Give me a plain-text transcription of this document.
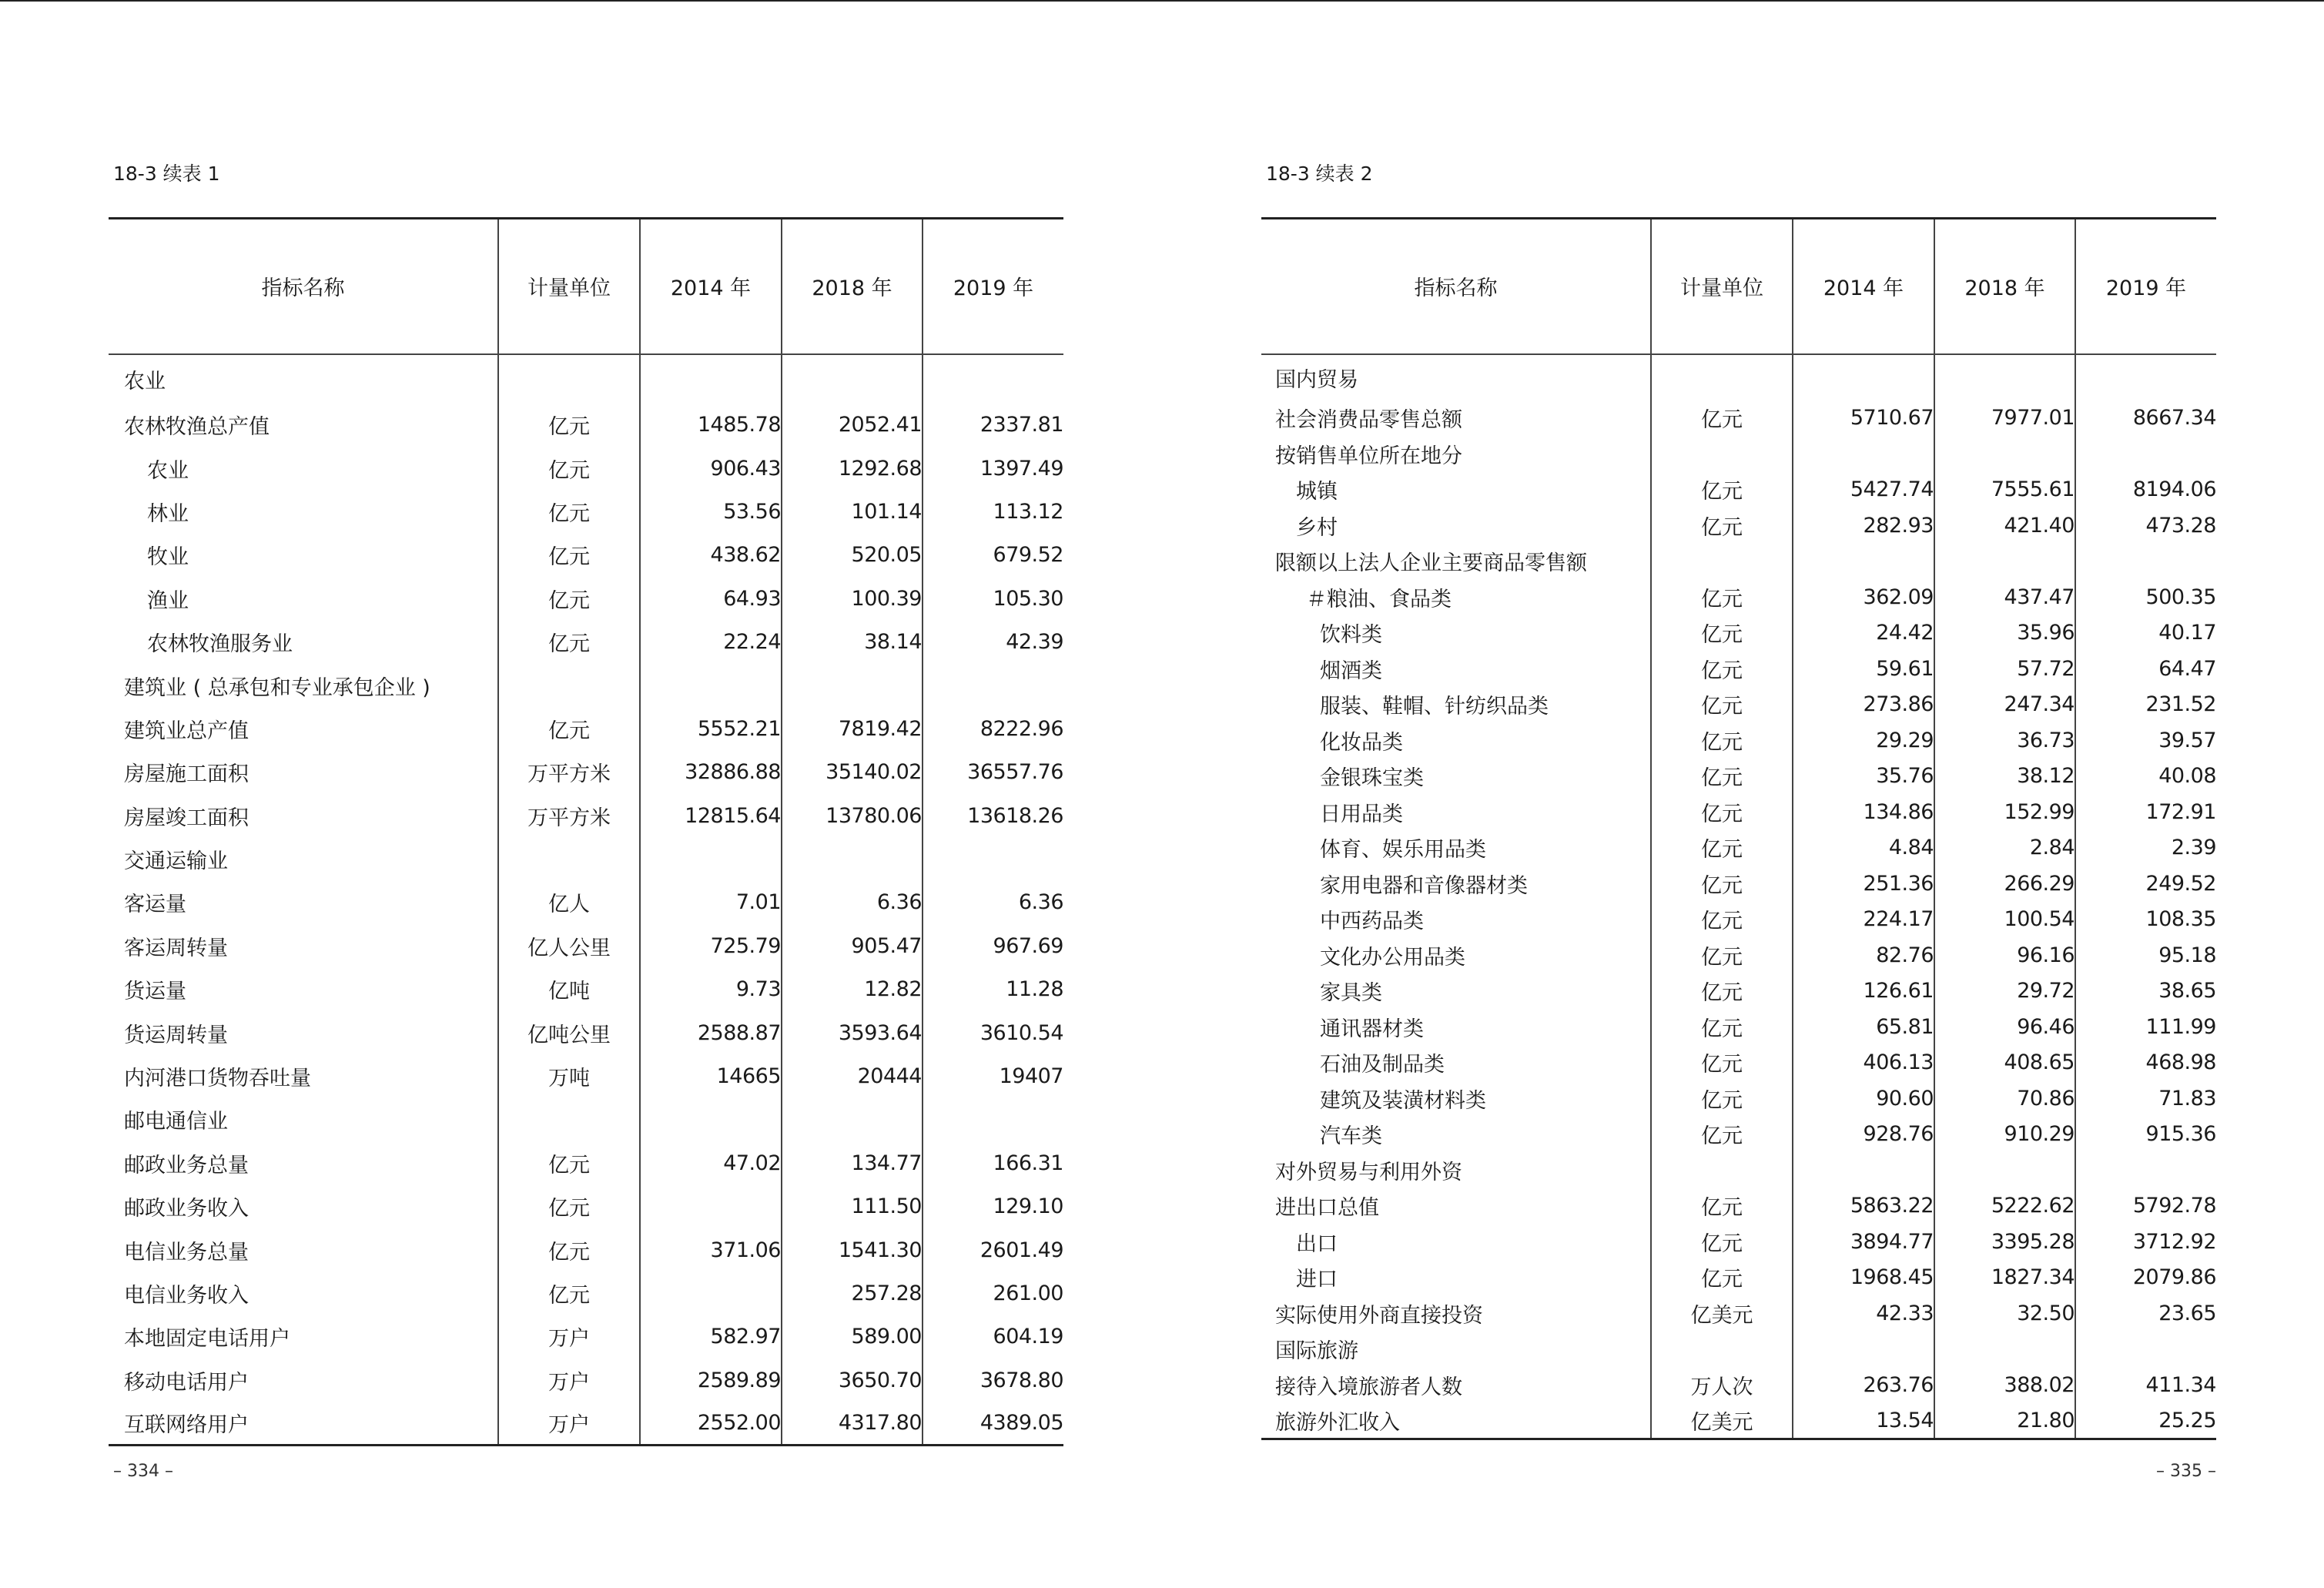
18-3 续表 1
指标名称	计量单位	2014 年	2018 年	2019 年
农业				
农林牧渔总产值	亿元	1485.78	2052.41	2337.81
农业	亿元	906.43	1292.68	1397.49
林业	亿元	53.56	101.14	113.12
牧业	亿元	438.62	520.05	679.52
渔业	亿元	64.93	100.39	105.30
农林牧渔服务业	亿元	22.24	38.14	42.39
建筑业 ( 总承包和专业承包企业 )				
建筑业总产值	亿元	5552.21	7819.42	8222.96
房屋施工面积	万平方米	32886.88	35140.02	36557.76
房屋竣工面积	万平方米	12815.64	13780.06	13618.26
交通运输业				
客运量	亿人	7.01	6.36	6.36
客运周转量	亿人公里	725.79	905.47	967.69
货运量	亿吨	9.73	12.82	11.28
货运周转量	亿吨公里	2588.87	3593.64	3610.54
内河港口货物吞吐量	万吨	14665	20444	19407
邮电通信业				
邮政业务总量	亿元	47.02	134.77	166.31
邮政业务收入	亿元		111.50	129.10
电信业务总量	亿元	371.06	1541.30	2601.49
电信业务收入	亿元		257.28	261.00
本地固定电话用户	万户	582.97	589.00	604.19
移动电话用户	万户	2589.89	3650.70	3678.80
互联网络用户	万户	2552.00	4317.80	4389.05
– 334 –
18-3 续表 2
指标名称	计量单位	2014 年	2018 年	2019 年
国内贸易				
社会消费品零售总额	亿元	5710.67	7977.01	8667.34
按销售单位所在地分				
城镇	亿元	5427.74	7555.61	8194.06
乡村	亿元	282.93	421.40	473.28
限额以上法人企业主要商品零售额				
＃粮油、食品类	亿元	362.09	437.47	500.35
饮料类	亿元	24.42	35.96	40.17
烟酒类	亿元	59.61	57.72	64.47
服装、鞋帽、针纺织品类	亿元	273.86	247.34	231.52
化妆品类	亿元	29.29	36.73	39.57
金银珠宝类	亿元	35.76	38.12	40.08
日用品类	亿元	134.86	152.99	172.91
体育、娱乐用品类	亿元	4.84	2.84	2.39
家用电器和音像器材类	亿元	251.36	266.29	249.52
中西药品类	亿元	224.17	100.54	108.35
文化办公用品类	亿元	82.76	96.16	95.18
家具类	亿元	126.61	29.72	38.65
通讯器材类	亿元	65.81	96.46	111.99
石油及制品类	亿元	406.13	408.65	468.98
建筑及装潢材料类	亿元	90.60	70.86	71.83
汽车类	亿元	928.76	910.29	915.36
对外贸易与利用外资				
进出口总值	亿元	5863.22	5222.62	5792.78
出口	亿元	3894.77	3395.28	3712.92
进口	亿元	1968.45	1827.34	2079.86
实际使用外商直接投资	亿美元	42.33	32.50	23.65
国际旅游				
接待入境旅游者人数	万人次	263.76	388.02	411.34
旅游外汇收入	亿美元	13.54	21.80	25.25
– 335 –
